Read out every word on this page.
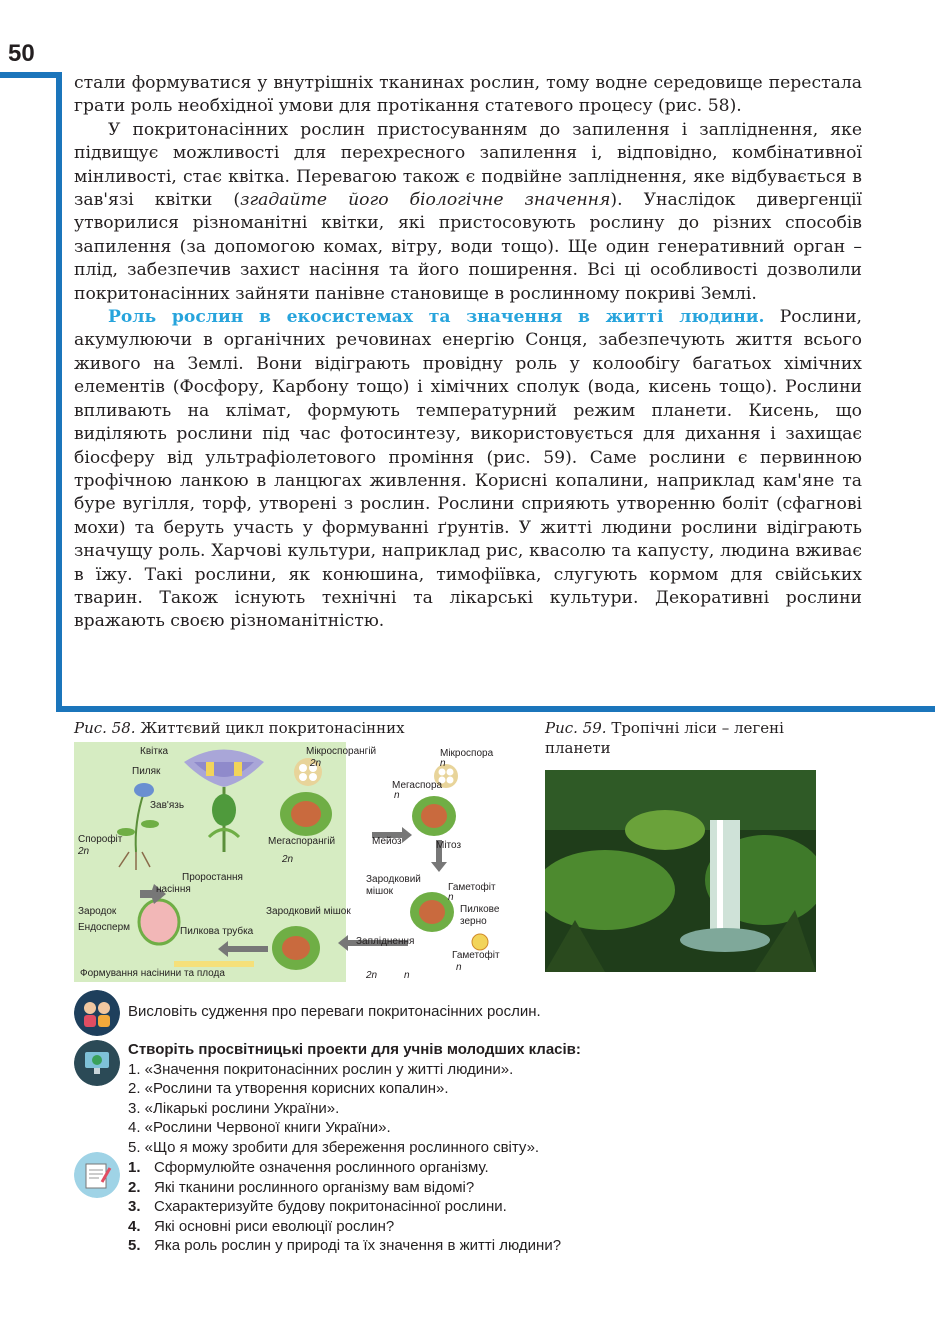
50

стали формуватися у внутрішніх тканинах рослин, тому водне середовище перестала грати роль необхідної умови для протікання статевого процесу (рис. 58).

У покритонасінних рослин пристосуванням до запилення і запліднення, яке підвищує можливості для перехресного запилення і, відповідно, комбінативної мінливості, стає квітка. Перевагою також є подвійне запліднення, яке відбувається в зав'язі квітки (згадайте його біологічне значення). Унаслідок дивергенції утворилися різноманітні квітки, які пристосовують рослину до різних способів запилення (за допомогою комах, вітру, води тощо). Ще один генеративний орган – плід, забезпечив захист насіння та його поширення. Всі ці особливості дозволили покритонасінних зайняти панівне становище в рослинному покриві Землі.

Роль рослин в екосистемах та значення в житті людини. Рослини, акумулюючи в органічних речовинах енергію Сонця, забезпечують життя всього живого на Землі. Вони відіграють провідну роль у колообігу багатьох хімічних елементів (Фосфору, Карбону тощо) і хімічних сполук (вода, кисень тощо). Рослини впливають на клімат, формують температурний режим планети. Кисень, що виділяють рослини під час фотосинтезу, використовується для дихання і захищає біосферу від ультрафіолетового проміння (рис. 59). Саме рослини є первинною трофічною ланкою в ланцюгах живлення. Корисні копалини, наприклад кам'яне та буре вугілля, торф, утворені з рослин. Рослини сприяють утворенню боліт (сфагнові мохи) та беруть участь у формуванні ґрунтів. У житті людини рослини відіграють значущу роль. Харчові культури, наприклад рис, квасолю та капусту, людина вживає в їжу. Такі рослини, як конюшина, тимофіївка, слугують кормом для свійських тварин. Також існують технічні та лікарські культури. Декоративні рослини вражають своєю різноманітністю.

Рис. 58. Життєвий цикл покритонасінних
Квітка
Пиляк
Зав'язь
Спорофіт
2n
Мікроспорангій
2n
Мікроспора
n
Мегаспора
n
Мегаспорангій
2n
Мейоз	Мітоз
Проростання
насіння
Зародковий
мішок	Гаметофіт
n
Пилкове
зерно
Зародок
Ендосперм
Зародковий мішок
Пилкова трубка
Запліднення
Гаметофіт
n
Формування насінини та плода	2n	n
Рис. 59. Тропічні ліси – легені планети
Висловіть судження про переваги покритонасінних рослин.
Створіть просвітницькі проекти для учнів молодших класів:
1. «Значення покритонасінних рослин у житті людини».
2. «Рослини та утворення корисних копалин».
3. «Лікарькі рослини України».
4. «Рослини Червоної книги України».
5. «Що я можу зробити для збереження рослинного світу».
1. Сформулюйте означення рослинного організму.
2. Які тканини рослинного організму вам відомі?
3. Схарактеризуйте будову покритонасінної рослини.
4. Які основні риси еволюції рослин?
5. Яка роль рослин у природі та їх значення в житті людини?
